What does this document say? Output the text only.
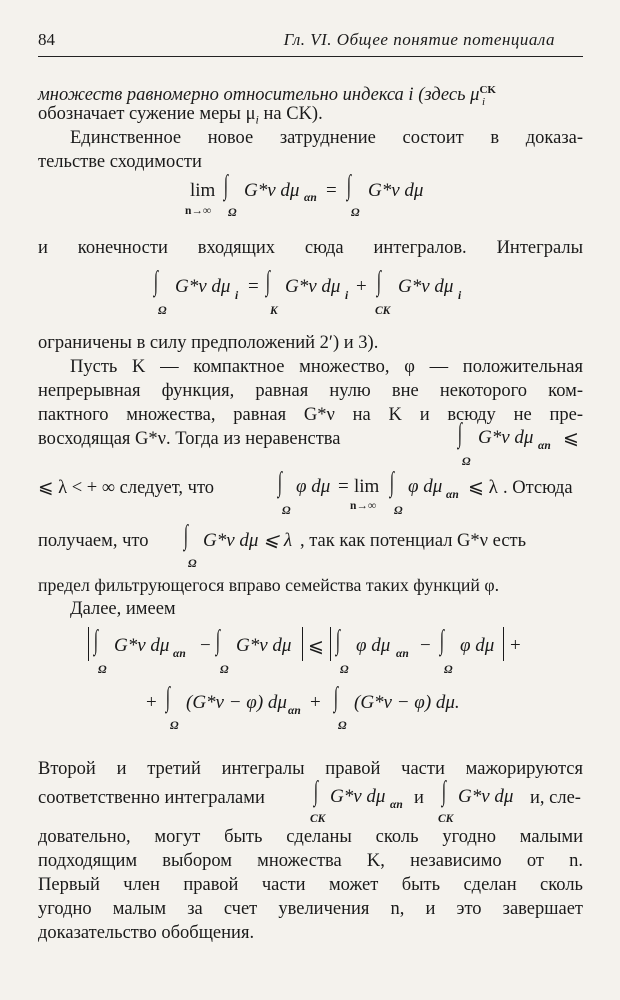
84	Гл. VI. Общее понятие потенциала
множеств равномерно относительно индекса i (здесь $\mu^{CK}_i$
обозначает сужение меры $\mu_i$ на CK).
Единственное новое затруднение состоит в доказа-
тельстве сходимости
lim
n→∞
∫
Ω
G*ν dμ αn = ∫
Ω
G*ν dμ
и конечности входящих сюда интегралов. Интегралы
∫
Ω
G*ν dμ i = ∫
K
G*ν dμ i + ∫
CK
G*ν dμ i
ограничены в силу предположений 2′) и 3).
Пусть K — компактное множество, φ — положительная
непрерывная функция, равная нулю вне некоторого ком-
пактного множества, равная G*ν на K и всюду не пре-
восходящая G*ν. Тогда из неравенства	∫
Ω
G*ν dμ αn ⩽
⩽ λ < + ∞ следует, что	∫
Ω
φ dμ = lim
n→∞
∫
Ω
φ dμ αn ⩽ λ . Отсюда
получаем, что	∫
Ω
G*ν dμ ⩽ λ , так как потенциал G*ν есть
предел фильтрующегося вправо семейства таких функций φ.
Далее, имеем
∫
Ω
G*ν dμ αn − ∫
Ω
G*ν dμ ⩽ ∫
Ω
φ dμ αn − ∫
Ω
φ dμ +
+ ∫
Ω
(G*ν − φ) dμ αn + ∫
Ω
(G*ν − φ) dμ.
Второй и третий интегралы правой части мажорируются
соответственно интегралами	∫
CK
G*ν dμ αn и ∫
CK
G*ν dμ и, сле-
довательно, могут быть сделаны сколь угодно малыми
подходящим выбором множества K, независимо от n.
Первый член правой части может быть сделан сколь
угодно малым за счет увеличения n, и это завершает
доказательство обобщения.
